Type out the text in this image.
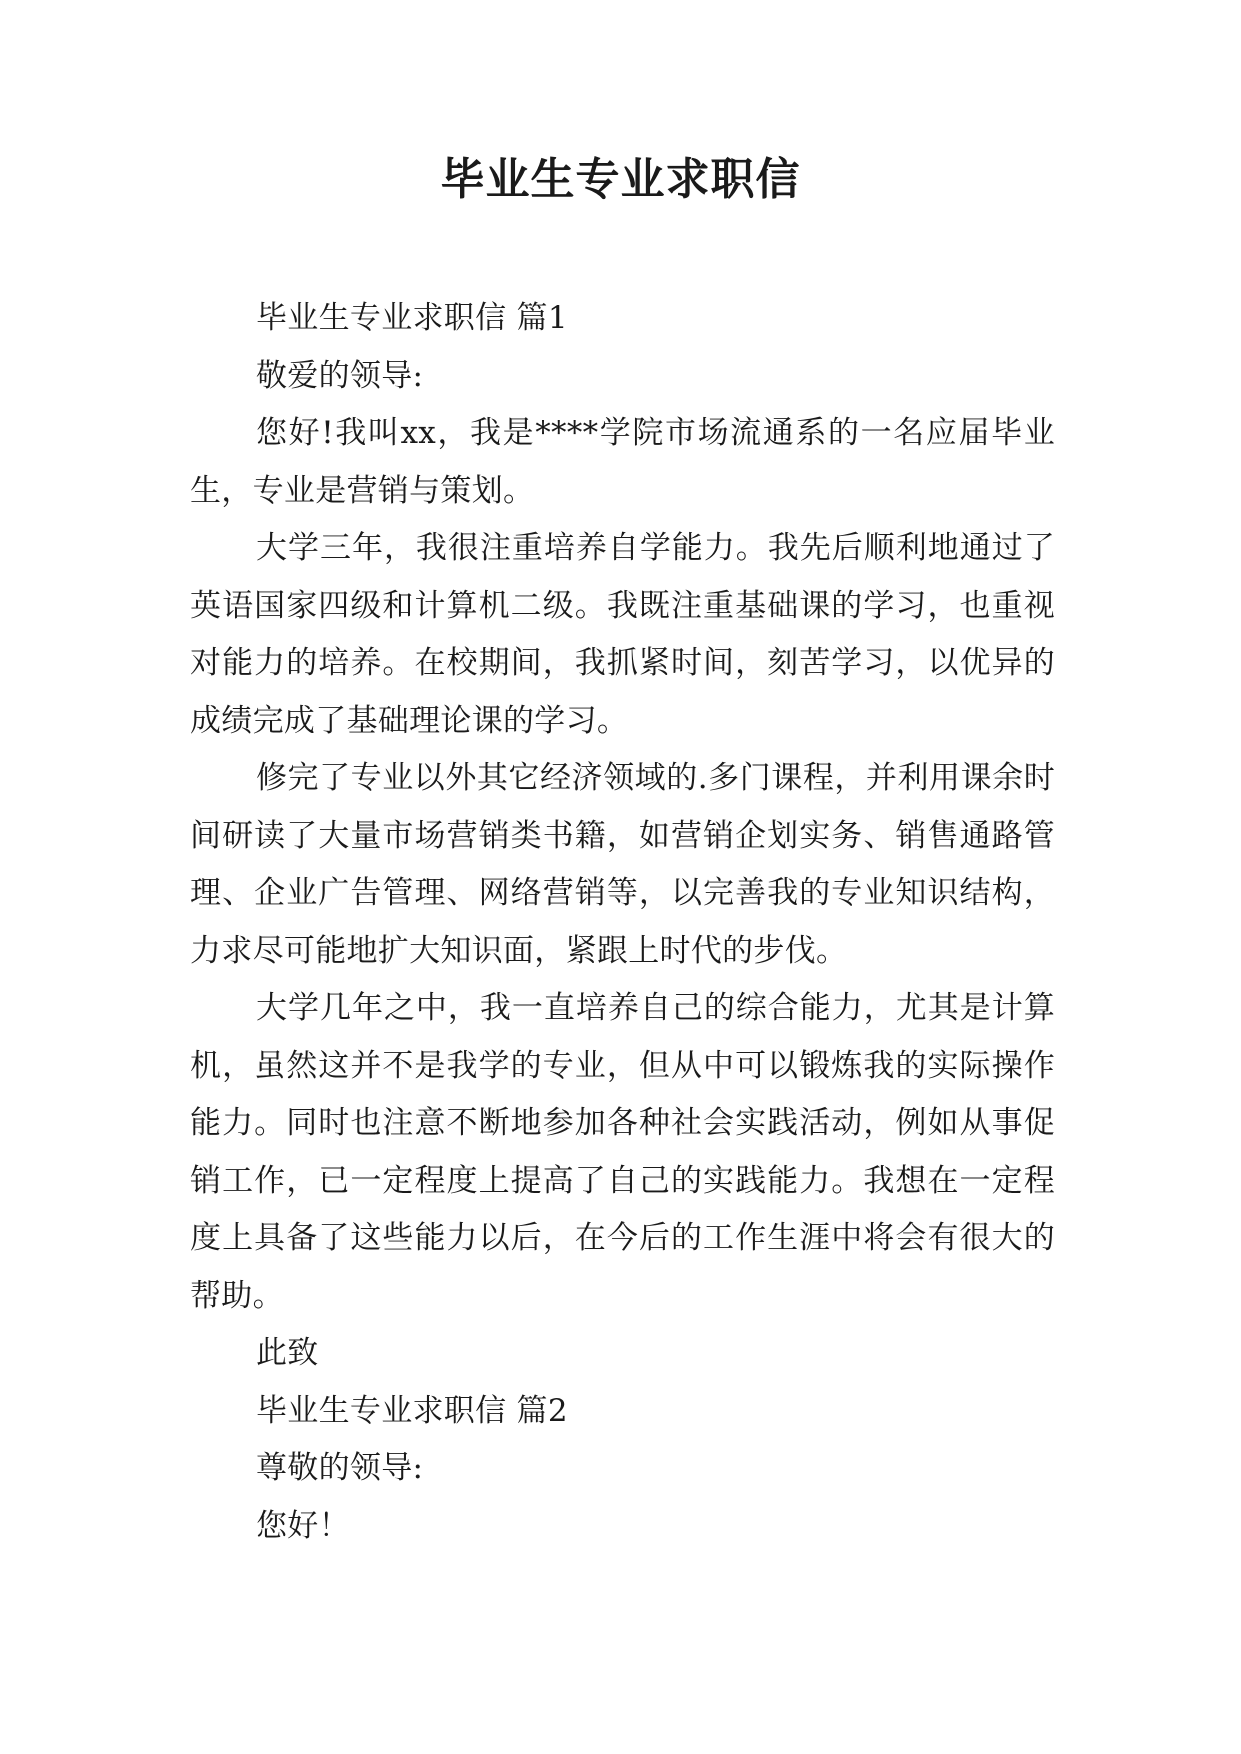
毕业生专业求职信

毕业生专业求职信 篇1

敬爱的领导:

您好!我叫xx，我是****学院市场流通系的一名应届毕业生，专业是营销与策划。

大学三年，我很注重培养自学能力。我先后顺利地通过了英语国家四级和计算机二级。我既注重基础课的学习，也重视对能力的培养。在校期间，我抓紧时间，刻苦学习，以优异的成绩完成了基础理论课的学习。

修完了专业以外其它经济领域的.多门课程，并利用课余时间研读了大量市场营销类书籍，如营销企划实务、销售通路管理、企业广告管理、网络营销等，以完善我的专业知识结构，力求尽可能地扩大知识面，紧跟上时代的步伐。

大学几年之中，我一直培养自己的综合能力，尤其是计算机，虽然这并不是我学的专业，但从中可以锻炼我的实际操作能力。同时也注意不断地参加各种社会实践活动，例如从事促销工作，已一定程度上提高了自己的实践能力。我想在一定程度上具备了这些能力以后，在今后的工作生涯中将会有很大的帮助。

此致

毕业生专业求职信 篇2

尊敬的领导:

您好！
